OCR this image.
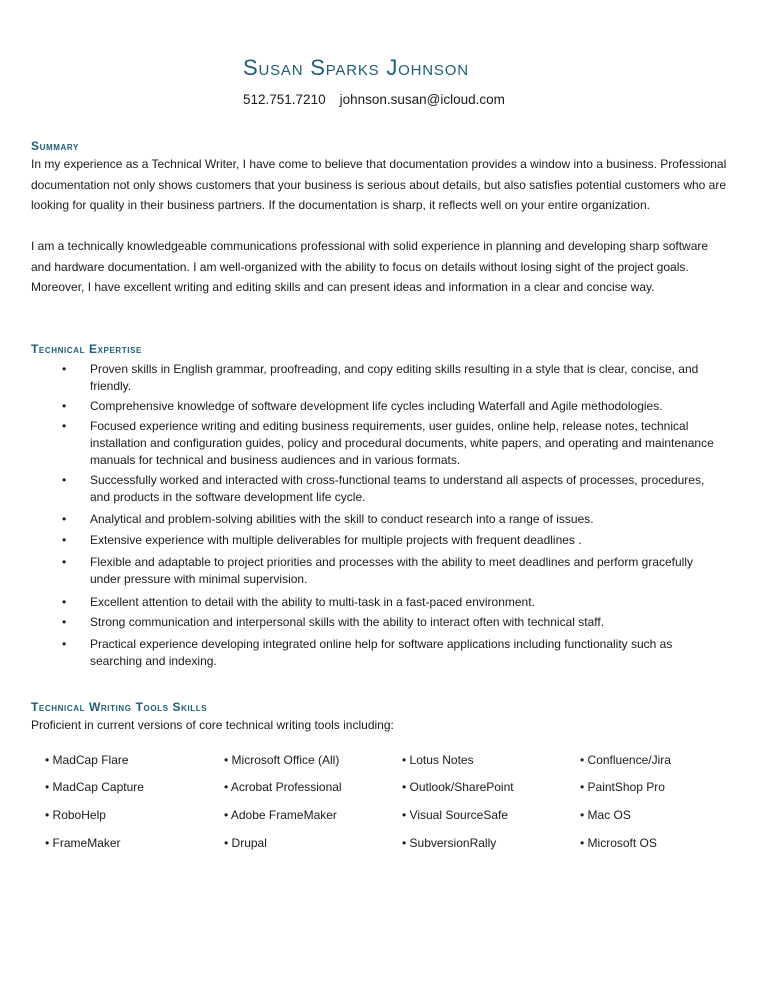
Susan Sparks Johnson
512.751.7210 johnson.susan@icloud.com
Summary

In my experience as a Technical Writer, I have come to believe that documentation provides a window into a business. Professional documentation not only shows customers that your business is serious about details, but also satisfies potential customers who are looking for quality in their business partners. If the documentation is sharp, it reflects well on your entire organization.

I am a technically knowledgeable communications professional with solid experience in planning and developing sharp software and hardware documentation. I am well-organized with the ability to focus on details without losing sight of the project goals. Moreover, I have excellent writing and editing skills and can present ideas and information in a clear and concise way.

Technical Expertise
• Proven skills in English grammar, proofreading, and copy editing skills resulting in a style that is clear, concise, and friendly.
• Comprehensive knowledge of software development life cycles including Waterfall and Agile methodologies.
• Focused experience writing and editing business requirements, user guides, online help, release notes, technical installation and configuration guides, policy and procedural documents, white papers, and operating and maintenance manuals for technical and business audiences and in various formats.
• Successfully worked and interacted with cross-functional teams to understand all aspects of processes, procedures, and products in the software development life cycle.
• Analytical and problem-solving abilities with the skill to conduct research into a range of issues.
• Extensive experience with multiple deliverables for multiple projects with frequent deadlines .
• Flexible and adaptable to project priorities and processes with the ability to meet deadlines and perform gracefully under pressure with minimal supervision.
• Excellent attention to detail with the ability to multi-task in a fast-paced environment.
• Strong communication and interpersonal skills with the ability to interact often with technical staff.
• Practical experience developing integrated online help for software applications including functionality such as searching and indexing.
Technical Writing Tools Skills
Proficient in current versions of core technical writing tools including:
• MadCap Flare	• Microsoft Office (All)	• Lotus Notes	• Confluence/Jira
• MadCap Capture	• Acrobat Professional	• Outlook/SharePoint	• PaintShop Pro
• RoboHelp	• Adobe FrameMaker	• Visual SourceSafe	• Mac OS
• FrameMaker	• Drupal	• SubversionRally	• Microsoft OS
